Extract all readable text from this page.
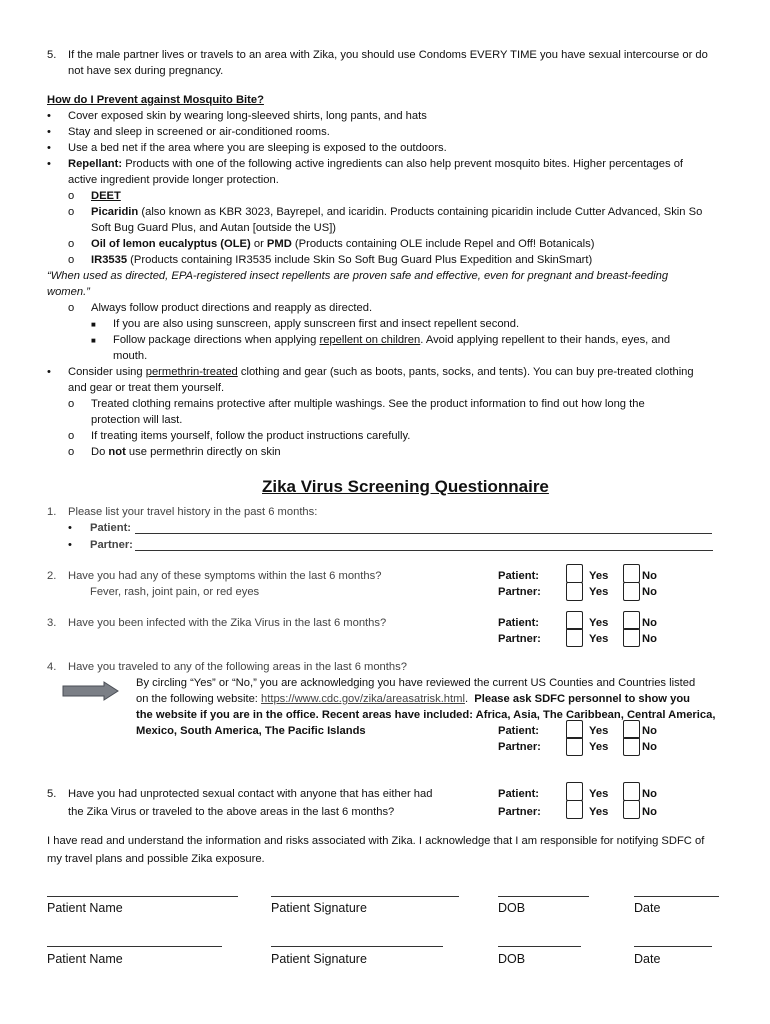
5. If the male partner lives or travels to an area with Zika, you should use Condoms EVERY TIME you have sexual intercourse or do
not have sex during pregnancy.
How do I Prevent against Mosquito Bite?
• Cover exposed skin by wearing long-sleeved shirts, long pants, and hats
• Stay and sleep in screened or air-conditioned rooms.
• Use a bed net if the area where you are sleeping is exposed to the outdoors.
• Repellant: Products with one of the following active ingredients can also help prevent mosquito bites. Higher percentages of
active ingredient provide longer protection.
o DEET
o Picaridin (also known as KBR 3023, Bayrepel, and icaridin. Products containing picaridin include Cutter Advanced, Skin So
Soft Bug Guard Plus, and Autan [outside the US])
o Oil of lemon eucalyptus (OLE) or PMD (Products containing OLE include Repel and Off! Botanicals)
o IR3535 (Products containing IR3535 include Skin So Soft Bug Guard Plus Expedition and SkinSmart)
“When used as directed, EPA-registered insect repellents are proven safe and effective, even for pregnant and breast-feeding
women.”
o Always follow product directions and reapply as directed.
■ If you are also using sunscreen, apply sunscreen first and insect repellent second.
■ Follow package directions when applying repellent on children. Avoid applying repellent to their hands, eyes, and
mouth.
• Consider using permethrin-treated clothing and gear (such as boots, pants, socks, and tents). You can buy pre-treated clothing
and gear or treat them yourself.
o Treated clothing remains protective after multiple washings. See the product information to find out how long the
protection will last.
o If treating items yourself, follow the product instructions carefully.
o Do not use permethrin directly on skin
Zika Virus Screening Questionnaire
1. Please list your travel history in the past 6 months:
• Patient:
• Partner:
2. Have you had any of these symptoms within the last 6 months?
Fever, rash, joint pain, or red eyes
Patient:	Yes	No
Partner:	Yes	No
3. Have you been infected with the Zika Virus in the last 6 months?	Patient:	Yes	No
Partner:	Yes	No
4. Have you traveled to any of the following areas in the last 6 months?
By circling “Yes” or “No,” you are acknowledging you have reviewed the current US Counties and Countries listed
on the following website: https://www.cdc.gov/zika/areasatrisk.html. Please ask SDFC personnel to show you
the website if you are in the office. Recent areas have included: Africa, Asia, The Caribbean, Central America,
Mexico, South America, The Pacific Islands	Patient:	Yes	No
Partner:	Yes	No
5. Have you had unprotected sexual contact with anyone that has either had
the Zika Virus or traveled to the above areas in the last 6 months?
Patient:	Yes	No
Partner:	Yes	No
I have read and understand the information and risks associated with Zika. I acknowledge that I am responsible for notifying SDFC of
my travel plans and possible Zika exposure.
Patient Name	Patient Signature	DOB	Date
Patient Name	Patient Signature	DOB	Date
